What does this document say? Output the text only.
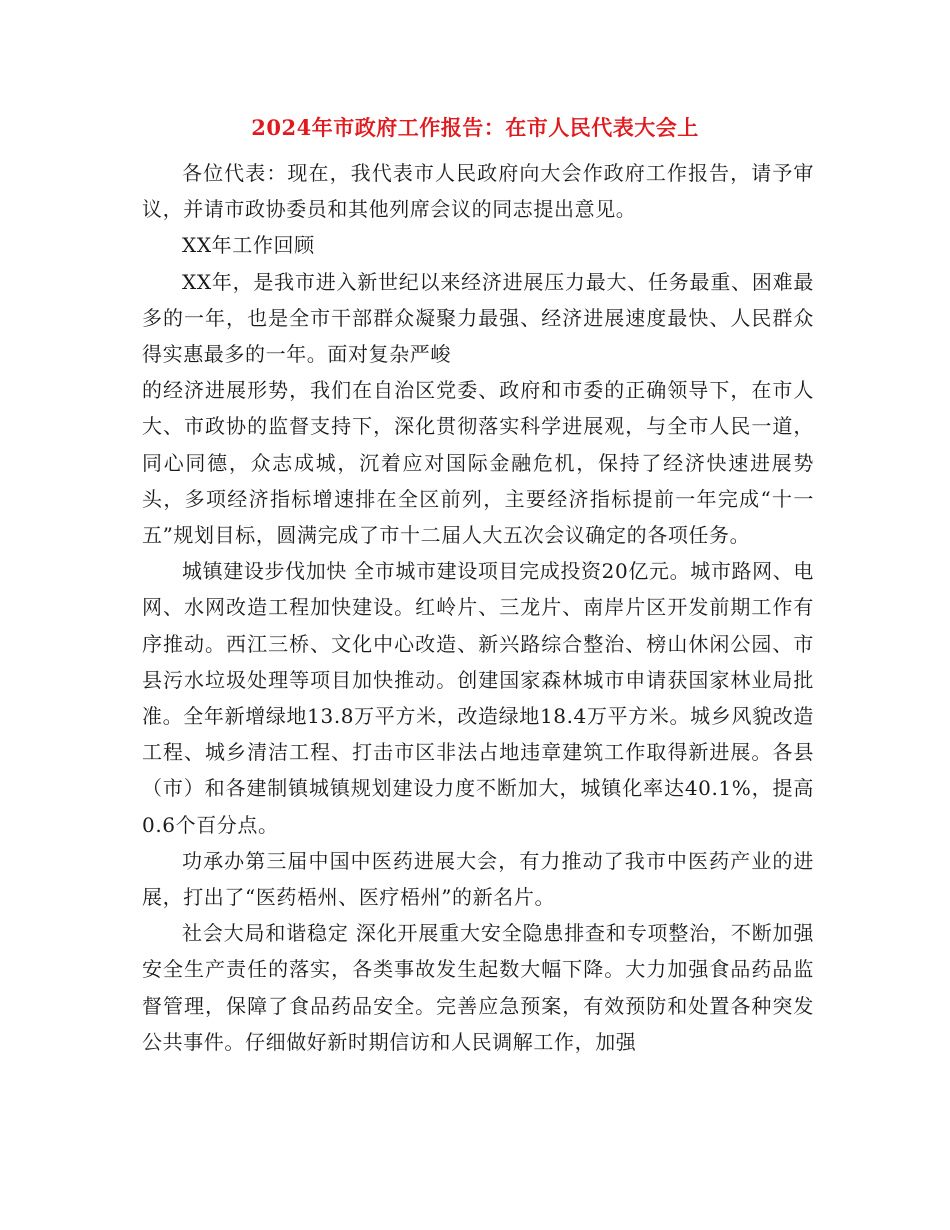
2024年市政府工作报告：在市人民代表大会上

各位代表：现在，我代表市人民政府向大会作政府工作报告，请予审议，并请市政协委员和其他列席会议的同志提出意见。

XX年工作回顾

XX年，是我市进入新世纪以来经济进展压力最大、任务最重、困难最多的一年，也是全市干部群众凝聚力最强、经济进展速度最快、人民群众得实惠最多的一年。面对复杂严峻

的经济进展形势，我们在自治区党委、政府和市委的正确领导下，在市人大、市政协的监督支持下，深化贯彻落实科学进展观，与全市人民一道，同心同德，众志成城，沉着应对国际金融危机，保持了经济快速进展势头，多项经济指标增速排在全区前列，主要经济指标提前一年完成“十一五”规划目标，圆满完成了市十二届人大五次会议确定的各项任务。

城镇建设步伐加快 全市城市建设项目完成投资20亿元。城市路网、电网、水网改造工程加快建设。红岭片、三龙片、南岸片区开发前期工作有序推动。西江三桥、文化中心改造、新兴路综合整治、榜山休闲公园、市县污水垃圾处理等项目加快推动。创建国家森林城市申请获国家林业局批准。全年新增绿地13.8万平方米，改造绿地18.4万平方米。城乡风貌改造工程、城乡清洁工程、打击市区非法占地违章建筑工作取得新进展。各县（市）和各建制镇城镇规划建设力度不断加大，城镇化率达40.1%，提高0.6个百分点。

功承办第三届中国中医药进展大会，有力推动了我市中医药产业的进展，打出了“医药梧州、医疗梧州”的新名片。

社会大局和谐稳定 深化开展重大安全隐患排查和专项整治，不断加强安全生产责任的落实，各类事故发生起数大幅下降。大力加强食品药品监督管理，保障了食品药品安全。完善应急预案，有效预防和处置各种突发公共事件。仔细做好新时期信访和人民调解工作，加强
